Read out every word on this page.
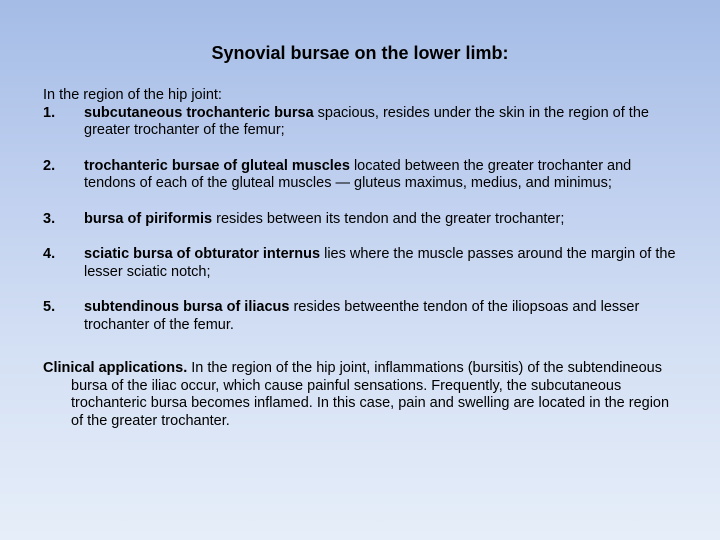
Synovial bursae on the lower limb:

In the region of the hip joint:

1.	subcutaneous trochanteric bursa spacious, resides under the skin in the region of the greater trochanter of the femur;
2.	trochanteric bursae of gluteal muscles located between the greater trochanter and tendons of each of the gluteal muscles — gluteus maximus, medius, and minimus;
3.	bursa of piriformis resides between its tendon and the greater trochanter;
4.	sciatic bursa of obturator internus lies where the muscle passes around the margin of the lesser sciatic notch;
5.	subtendinous bursa of iliacus resides betweenthe tendon of the iliopsoas and lesser trochanter of the femur.

Clinical applications. In the region of the hip joint, inflammations (bursitis) of the subtendineous bursa of the iliac occur, which cause painful sensations. Frequently, the subcutaneous trochanteric bursa becomes inflamed. In this case, pain and swelling are located in the region of the greater trochanter.
